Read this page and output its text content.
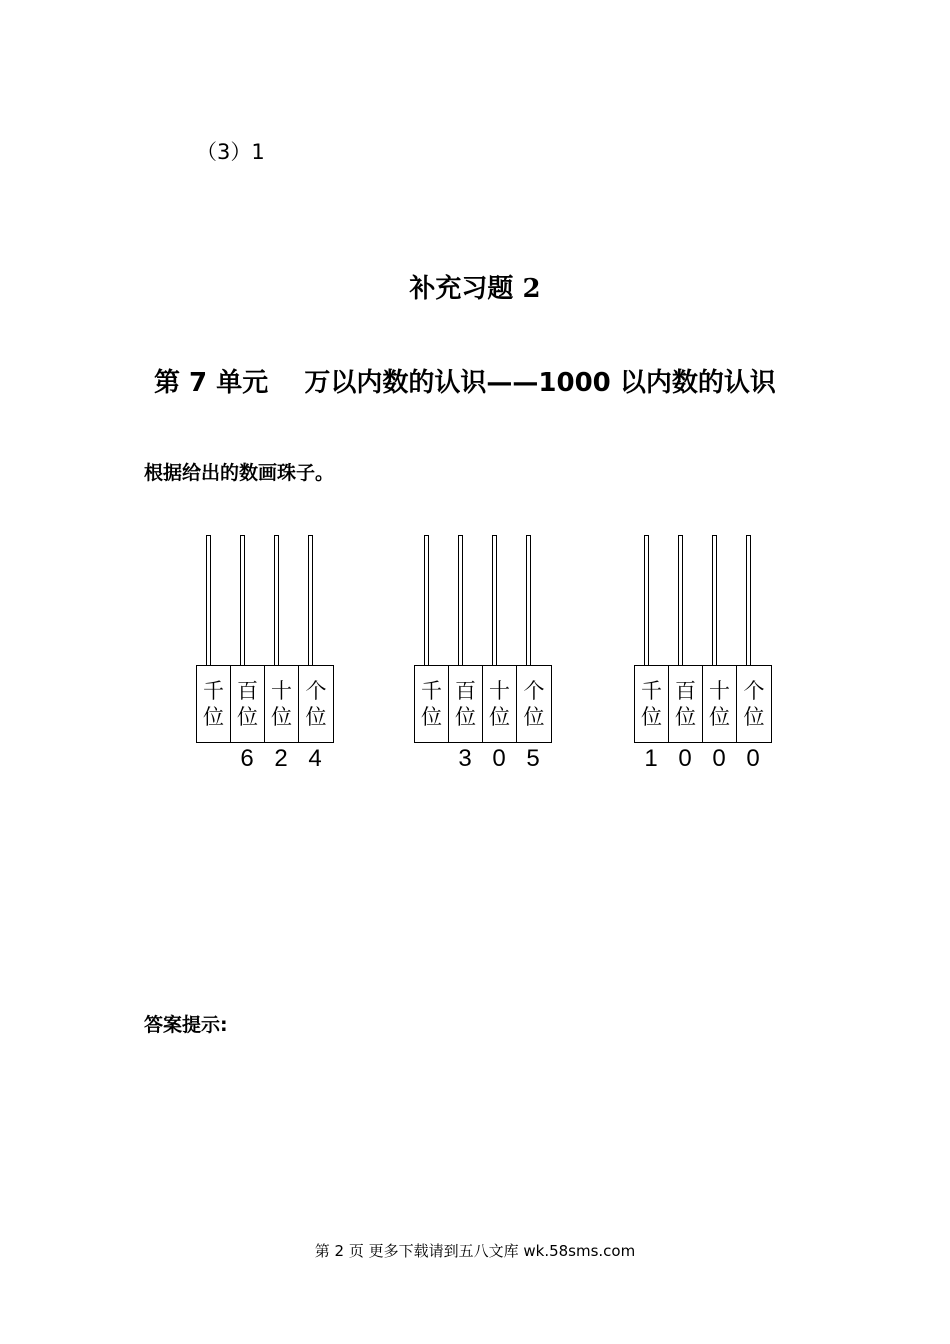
（3）1
补充习题 2
第 7 单元    万以内数的认识——1000 以内数的认识
根据给出的数画珠子。
千
位
百
位
十
位
个
位
6 2 4
千
位
百
位
十
位
个
位
3 0 5
千
位
百
位
十
位
个
位
1 0 0 0
答案提示:
第 2 页 更多下载请到五八文库 wk.58sms.com
